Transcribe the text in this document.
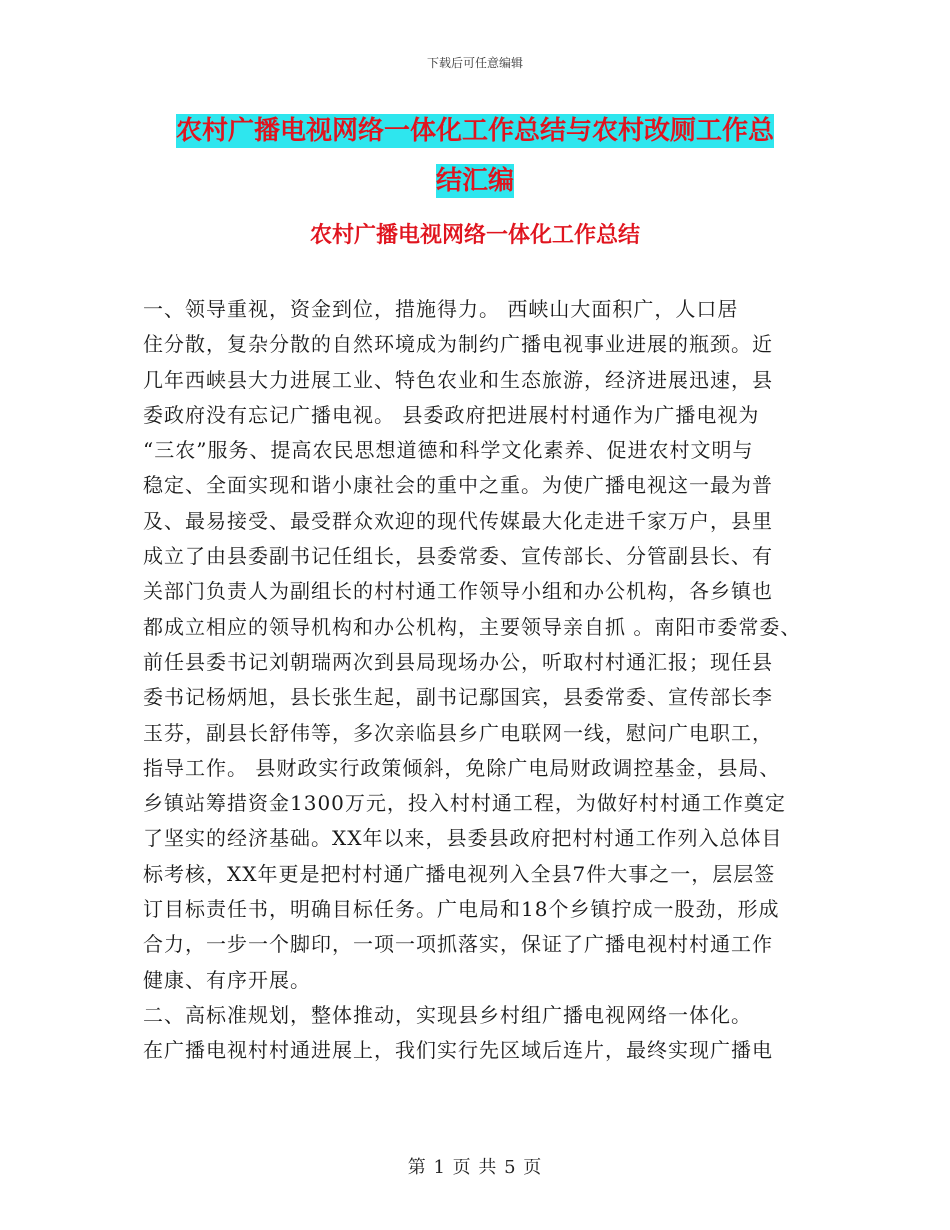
下载后可任意编辑
农村广播电视网络一体化工作总结与农村改厕工作总
结汇编
农村广播电视网络一体化工作总结
一、领导重视，资金到位，措施得力。 西峡山大面积广，人口居
住分散，复杂分散的自然环境成为制约广播电视事业进展的瓶颈。近
几年西峡县大力进展工业、特色农业和生态旅游，经济进展迅速，县
委政府没有忘记广播电视。 县委政府把进展村村通作为广播电视为
“三农”服务、提高农民思想道德和科学文化素养、促进农村文明与
稳定、全面实现和谐小康社会的重中之重。为使广播电视这一最为普
及、最易接受、最受群众欢迎的现代传媒最大化走进千家万户，县里
成立了由县委副书记任组长，县委常委、宣传部长、分管副县长、有
关部门负责人为副组长的村村通工作领导小组和办公机构，各乡镇也
都成立相应的领导机构和办公机构，主要领导亲自抓 。南阳市委常委、
前任县委书记刘朝瑞两次到县局现场办公，听取村村通汇报；现任县
委书记杨炳旭，县长张生起，副书记鄢国宾，县委常委、宣传部长李
玉芬，副县长舒伟等，多次亲临县乡广电联网一线，慰问广电职工，
指导工作。 县财政实行政策倾斜，免除广电局财政调控基金，县局、
乡镇站筹措资金1300万元，投入村村通工程，为做好村村通工作奠定
了坚实的经济基础。XX年以来，县委县政府把村村通工作列入总体目
标考核，XX年更是把村村通广播电视列入全县7件大事之一，层层签
订目标责任书，明确目标任务。广电局和18个乡镇拧成一股劲，形成
合力，一步一个脚印，一项一项抓落实，保证了广播电视村村通工作
健康、有序开展。
二、高标准规划，整体推动，实现县乡村组广播电视网络一体化。
在广播电视村村通进展上，我们实行先区域后连片，最终实现广播电
第 1 页 共 5 页
